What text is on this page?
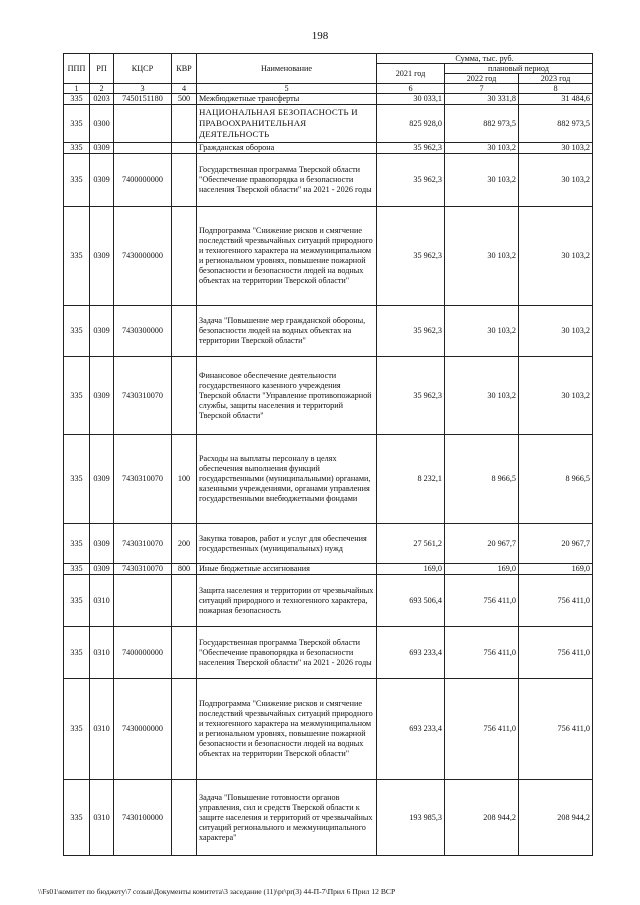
198
ППП	РП	КЦСР	КВР	Наименование	Сумма, тыс. руб.		
					2021 год	плановый период	
						2022 год	2023 год
1	2	3	4	5	6	7	8
335	0203	7450151180	500	Межбюджетные трансферты	30 033,1	30 331,8	31 484,6
335	0300			НАЦИОНАЛЬНАЯ БЕЗОПАСНОСТЬ И ПРАВООХРАНИТЕЛЬНАЯ ДЕЯТЕЛЬНОСТЬ	825 928,0	882 973,5	882 973,5
335	0309			Гражданская оборона	35 962,3	30 103,2	30 103,2
335	0309	7400000000		Государственная программа Тверской области "Обеспечение правопорядка и безопасности населения Тверской области" на 2021 - 2026 годы	35 962,3	30 103,2	30 103,2
335	0309	7430000000		Подпрограмма "Снижение рисков и смягчение последствий чрезвычайных ситуаций природного и техногенного характера на межмуниципальном и региональном уровнях, повышение пожарной безопасности и безопасности людей на водных объектах на территории Тверской области"	35 962,3	30 103,2	30 103,2
335	0309	7430300000		Задача "Повышение мер гражданской обороны, безопасности людей на водных объектах на территории Тверской области"	35 962,3	30 103,2	30 103,2
335	0309	7430310070		Финансовое обеспечение деятельности государственного казенного учреждения Тверской области "Управление противопожарной службы, защиты населения и территорий Тверской области"	35 962,3	30 103,2	30 103,2
335	0309	7430310070	100	Расходы на выплаты персоналу в целях обеспечения выполнения функций государственными (муниципальными) органами, казенными учреждениями, органами управления государственными внебюджетными фондами	8 232,1	8 966,5	8 966,5
335	0309	7430310070	200	Закупка товаров, работ и услуг для обеспечения государственных (муниципальных) нужд	27 561,2	20 967,7	20 967,7
335	0309	7430310070	800	Иные бюджетные ассигнования	169,0	169,0	169,0
335	0310			Защита населения и территории от чрезвычайных ситуаций природного и техногенного характера, пожарная безопасность	693 506,4	756 411,0	756 411,0
335	0310	7400000000		Государственная программа Тверской области "Обеспечение правопорядка и безопасности населения Тверской области" на 2021 - 2026 годы	693 233,4	756 411,0	756 411,0
335	0310	7430000000		Подпрограмма "Снижение рисков и смягчение последствий чрезвычайных ситуаций природного и техногенного характера на межмуниципальном и региональном уровнях, повышение пожарной безопасности и безопасности людей на водных объектах на территории Тверской области"	693 233,4	756 411,0	756 411,0
335	0310	7430100000		Задача "Повышение готовности органов управления, сил и средств Тверской области к защите населения и территорий от чрезвычайных ситуаций регионального и межмуниципального характера"	193 985,3	208 944,2	208 944,2
\\Fs01\комитет по бюджету\7 созыв\Документы комитета\3 заседание (11)\pr\pr(3) 44-П-7\Прил 6 Прил 12 ВСР
